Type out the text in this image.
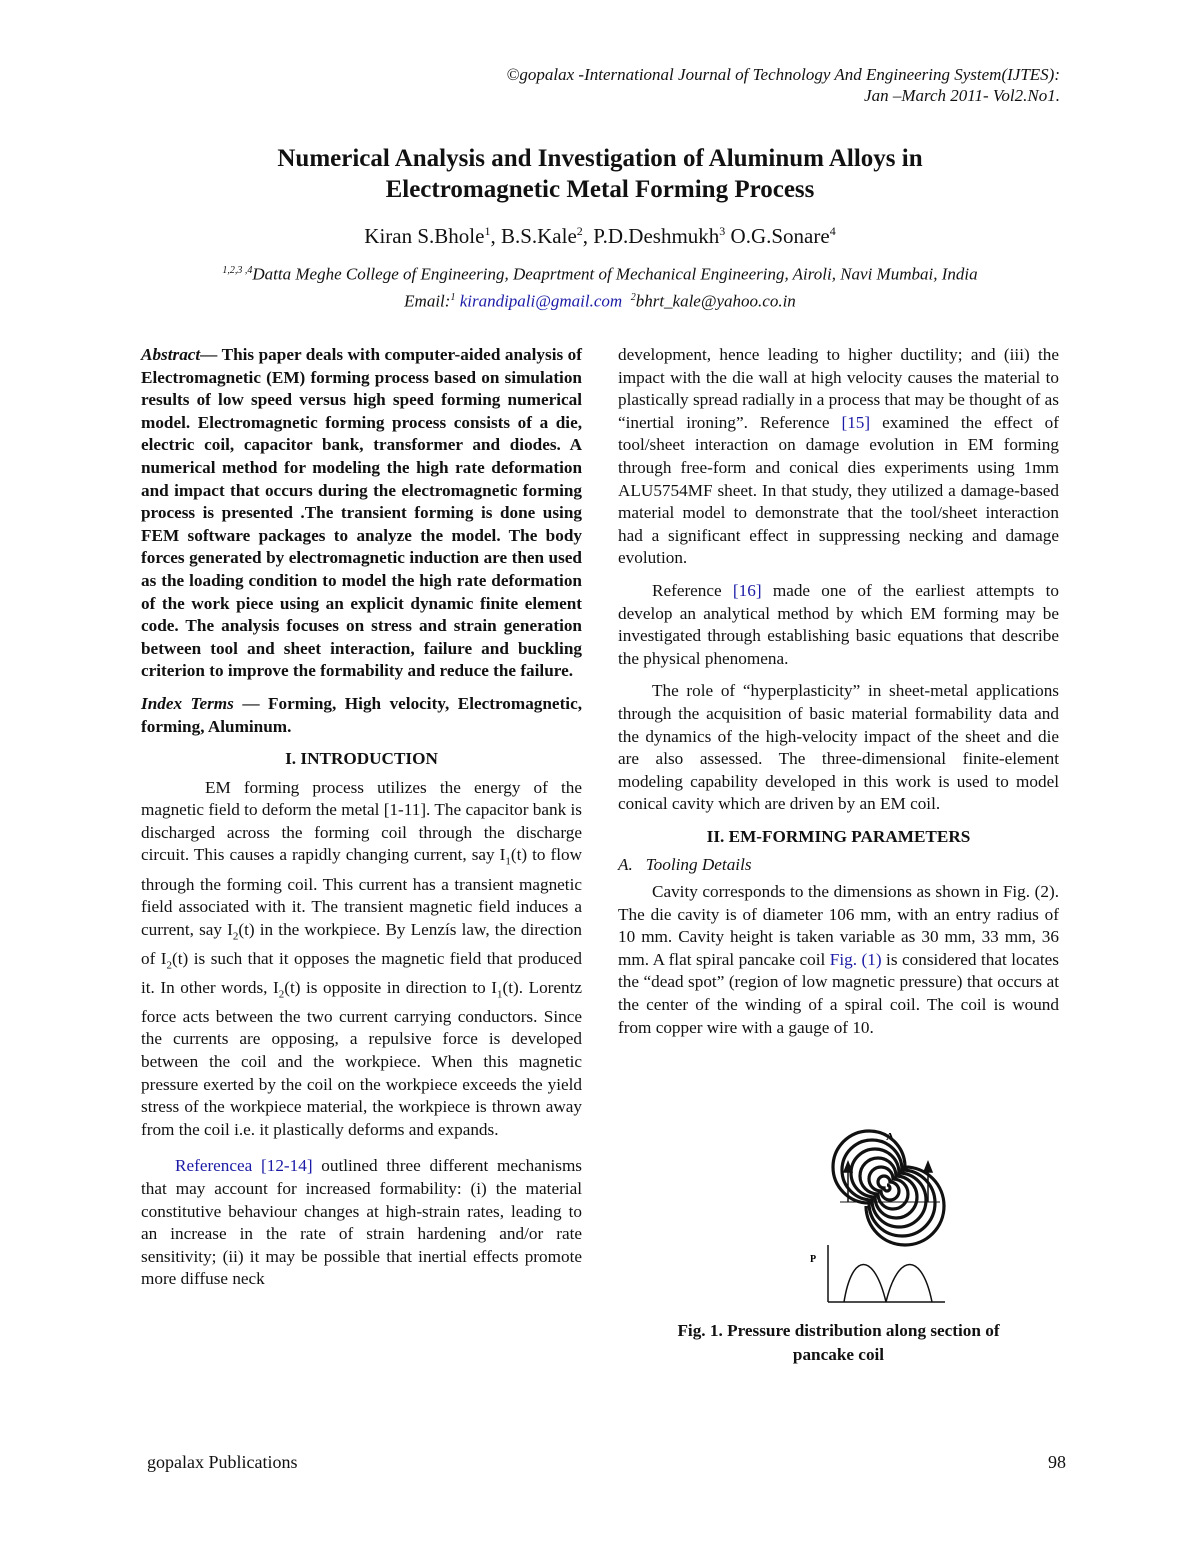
©gopalax -International Journal of Technology And Engineering System(IJTES):
Jan –March 2011- Vol2.No1.
Numerical Analysis and Investigation of Aluminum Alloys in
Electromagnetic Metal Forming Process
Kiran S.Bhole$^1$, B.S.Kale$^2$, P.D.Deshmukh$^3$ O.G.Sonare$^4$
$^{1,2,3 ,4}$Datta Meghe College of Engineering, Deaprtment of Mechanical Engineering, Airoli, Navi Mumbai, India
Email:$^1$ kirandipali@gmail.com $^2$bhrt_kale@yahoo.co.in

Abstract— This paper deals with computer-aided analysis of Electromagnetic (EM) forming process based on simulation results of low speed versus high speed forming numerical model. Electromagnetic forming process consists of a die, electric coil, capacitor bank, transformer and diodes. A numerical method for modeling the high rate deformation and impact that occurs during the electromagnetic forming process is presented .The transient forming is done using FEM software packages to analyze the model. The body forces generated by electromagnetic induction are then used as the loading condition to model the high rate deformation of the work piece using an explicit dynamic finite element code. The analysis focuses on stress and strain generation between tool and sheet interaction, failure and buckling criterion to improve the formability and reduce the failure.

Index Terms — Forming, High velocity, Electromagnetic, forming, Aluminum.

I. INTRODUCTION

EM forming process utilizes the energy of the magnetic field to deform the metal [1-11]. The capacitor bank is discharged across the forming coil through the discharge circuit. This causes a rapidly changing current, say $I_1(t)$ to flow through the forming coil. This current has a transient magnetic field associated with it. The transient magnetic field induces a current, say $I_2(t)$ in the workpiece. By Lenzís law, the direction of $I_2(t)$ is such that it opposes the magnetic field that produced it. In other words, $I_2(t)$ is opposite in direction to $I_1(t)$. Lorentz force acts between the two current carrying conductors. Since the currents are opposing, a repulsive force is developed between the coil and the workpiece. When this magnetic pressure exerted by the coil on the workpiece exceeds the yield stress of the workpiece material, the workpiece is thrown away from the coil i.e. it plastically deforms and expands.

Referencea [12-14] outlined three different mechanisms that may account for increased formability: (i) the material constitutive behaviour changes at high-strain rates, leading to an increase in the rate of strain hardening and/or rate sensitivity; (ii) it may be possible that inertial effects promote more diffuse neck

development, hence leading to higher ductility; and (iii) the impact with the die wall at high velocity causes the material to plastically spread radially in a process that may be thought of as “inertial ironing”. Reference [15] examined the effect of tool/sheet interaction on damage evolution in EM forming through free-form and conical dies experiments using 1mm ALU5754MF sheet. In that study, they utilized a damage-based material model to demonstrate that the tool/sheet interaction had a significant effect in suppressing necking and damage evolution.

Reference [16] made one of the earliest attempts to develop an analytical method by which EM forming may be investigated through establishing basic equations that describe the physical phenomena.

The role of “hyperplasticity” in sheet-metal applications through the acquisition of basic material formability data and the dynamics of the high-velocity impact of the sheet and die are also assessed. The three-dimensional finite-element modeling capability developed in this work is used to model conical cavity which are driven by an EM coil.

II. EM-FORMING PARAMETERS

A.   Tooling Details

Cavity corresponds to the dimensions as shown in Fig. (2). The die cavity is of diameter 106 mm, with an entry radius of 10 mm. Cavity height is taken variable as 30 mm, 33 mm, 36 mm. A flat spiral pancake coil Fig. (1) is considered that locates the “dead spot” (region of low magnetic pressure) that occurs at the center of the winding of a spiral coil. The coil is wound from copper wire with a gauge of 10.

A
P
Fig. 1. Pressure distribution along section of
pancake coil
gopalax Publications	98
